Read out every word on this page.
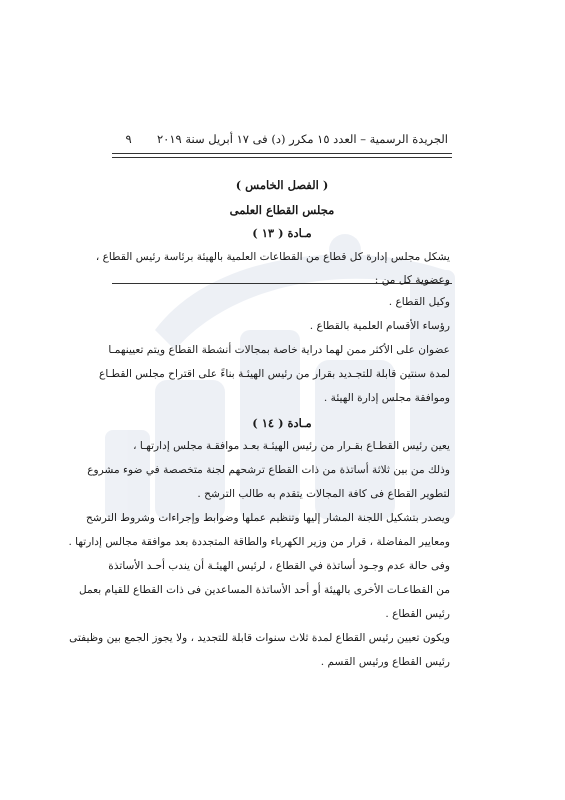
الجريدة الرسمية – العدد ١٥ مكرر (د) فى ١٧ أبريل سنة ٢٠١٩  ٩
( الفصل الخامس )
مجلس القطاع العلمى
مـادة ( ١٣ )
يشكل مجلس إدارة كل قطاع من القطاعات العلمية بالهيئة برئاسة رئيس القطاع ،
وعضوية كل من :
وكيل القطاع .
رؤساء الأقسام العلمية بالقطاع .
عضوان على الأكثر ممن لهما دراية خاصة بمجالات أنشطة القطاع ويتم تعيينهمـا
لمدة سنتين قابلة للتجـديد بقرار من رئيس الهيئـة بناءً على اقتراح مجلس القطـاع
وموافقة مجلس إدارة الهيئة .
مـادة ( ١٤ )
يعين رئيس القطـاع بقـرار من رئيس الهيئـة بعـد موافقـة مجلس إدارتهـا ،
وذلك من بين ثلاثة أساتذة من ذات القطاع ترشحهم لجنة متخصصة في ضوء مشروع
لتطوير القطاع فى كافة المجالات يتقدم به طالب الترشح .
ويصدر بتشكيل اللجنة المشار إليها وتنظيم عملها وضوابط وإجراءات وشروط الترشح
ومعايير المفاضلة ، قرار من وزير الكهرباء والطاقة المتجددة بعد موافقة مجالس إدارتها .
وفى حالة عدم وجـود أساتذة في القطاع ، لرئيس الهيئـة أن يندب أحـد الأساتذة
من القطاعـات الأخرى بالهيئة أو أحد الأساتذة المساعدين فى ذات القطاع للقيام بعمل
رئيس القطاع .
ويكون تعيين رئيس القطاع لمدة ثلاث سنوات قابلة للتجديد ، ولا يجوز الجمع بين وظيفتى
رئيس القطاع ورئيس القسم .
